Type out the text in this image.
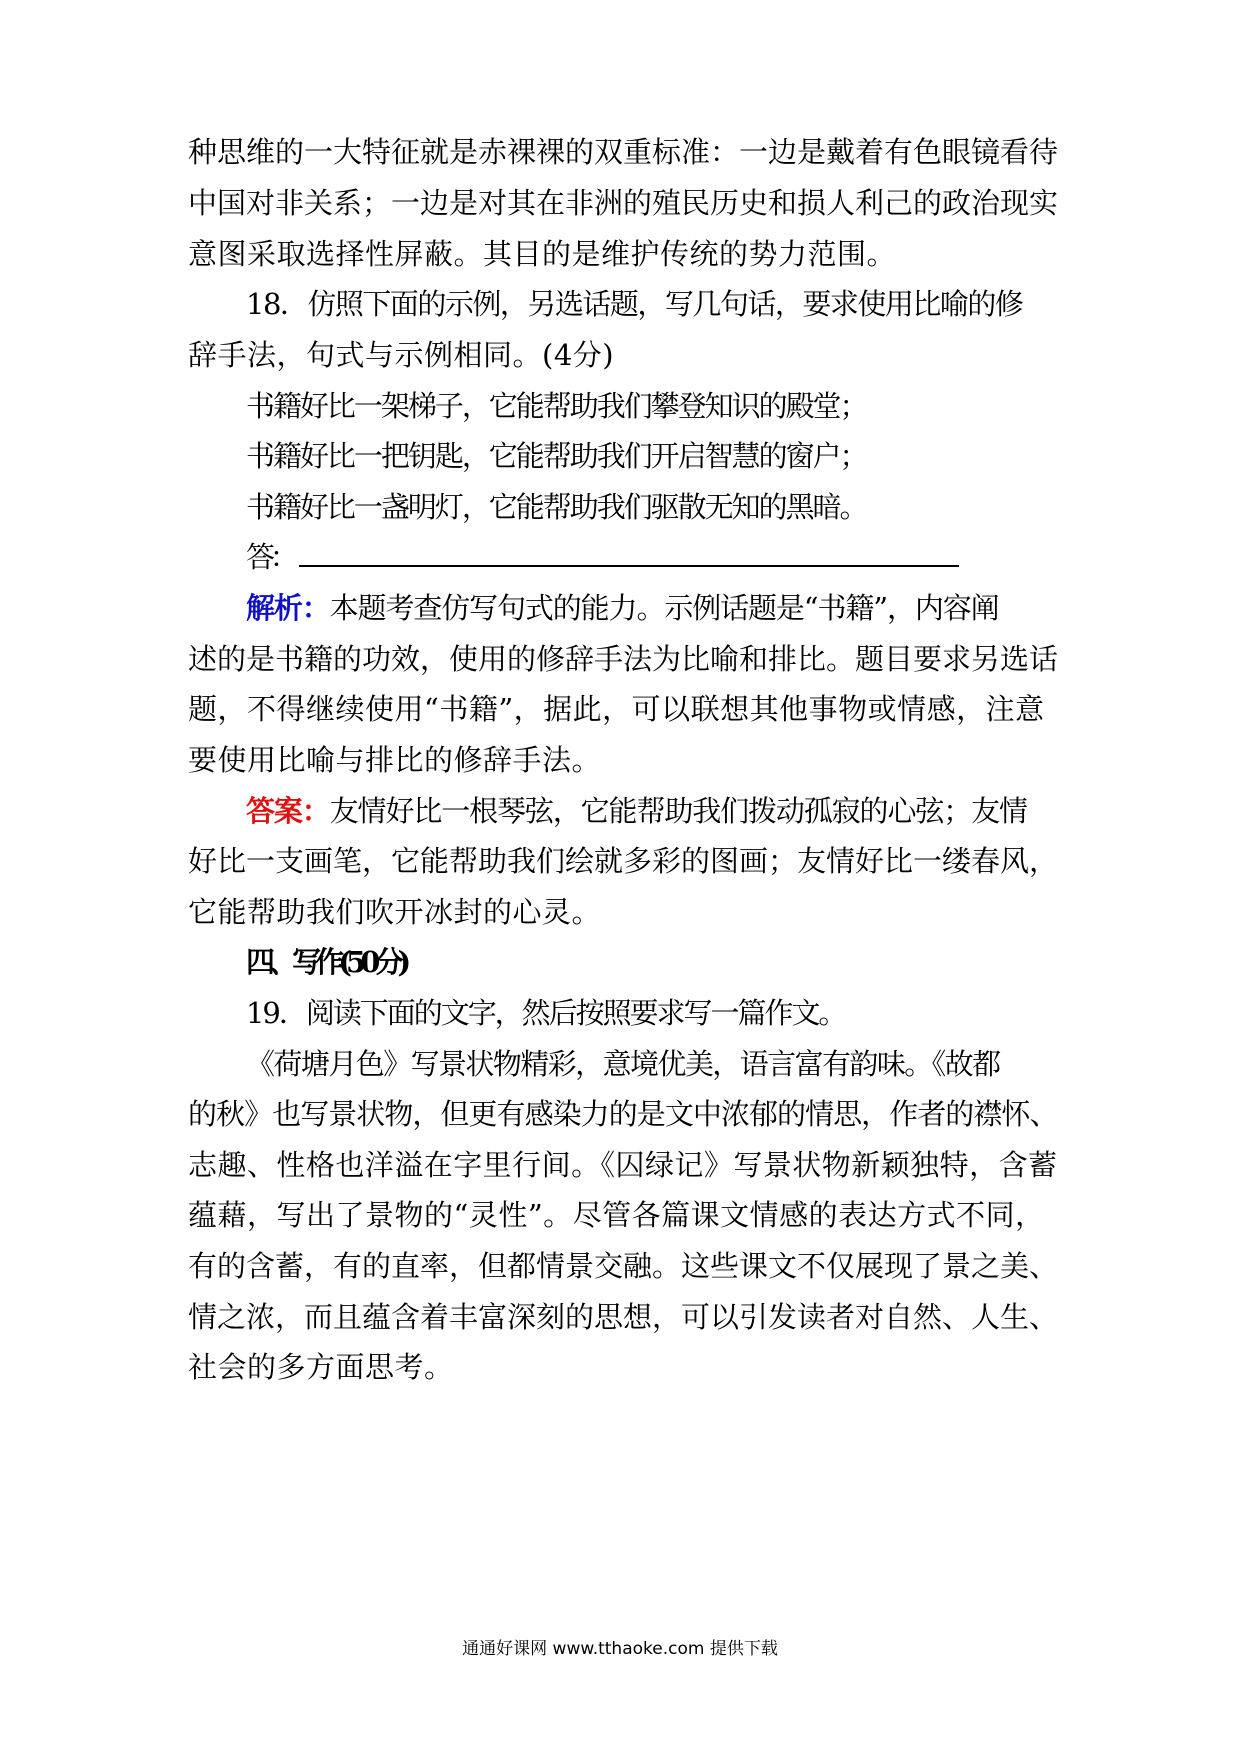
种思维的一大特征就是赤裸裸的双重标准：一边是戴着有色眼镜看待
中国对非关系；一边是对其在非洲的殖民历史和损人利己的政治现实
意图采取选择性屏蔽。其目的是维护传统的势力范围。
18．仿照下面的示例，另选话题，写几句话，要求使用比喻的修
辞手法，句式与示例相同。(4分)
书籍好比一架梯子，它能帮助我们攀登知识的殿堂；
书籍好比一把钥匙，它能帮助我们开启智慧的窗户；
书籍好比一盏明灯，它能帮助我们驱散无知的黑暗。
答：
解析：本题考查仿写句式的能力。示例话题是“书籍”，内容阐
述的是书籍的功效，使用的修辞手法为比喻和排比。题目要求另选话
题，不得继续使用“书籍”，据此，可以联想其他事物或情感，注意
要使用比喻与排比的修辞手法。
答案：友情好比一根琴弦，它能帮助我们拨动孤寂的心弦；友情
好比一支画笔，它能帮助我们绘就多彩的图画；友情好比一缕春风，
它能帮助我们吹开冰封的心灵。
四、写作(50分)
19．阅读下面的文字，然后按照要求写一篇作文。
《荷塘月色》写景状物精彩，意境优美，语言富有韵味。《故都
的秋》也写景状物，但更有感染力的是文中浓郁的情思，作者的襟怀、
志趣、性格也洋溢在字里行间。《囚绿记》写景状物新颖独特，含蓄
蕴藉，写出了景物的“灵性”。尽管各篇课文情感的表达方式不同，
有的含蓄，有的直率，但都情景交融。这些课文不仅展现了景之美、
情之浓，而且蕴含着丰富深刻的思想，可以引发读者对自然、人生、
社会的多方面思考。
通通好课网 www.tthaoke.com 提供下载
